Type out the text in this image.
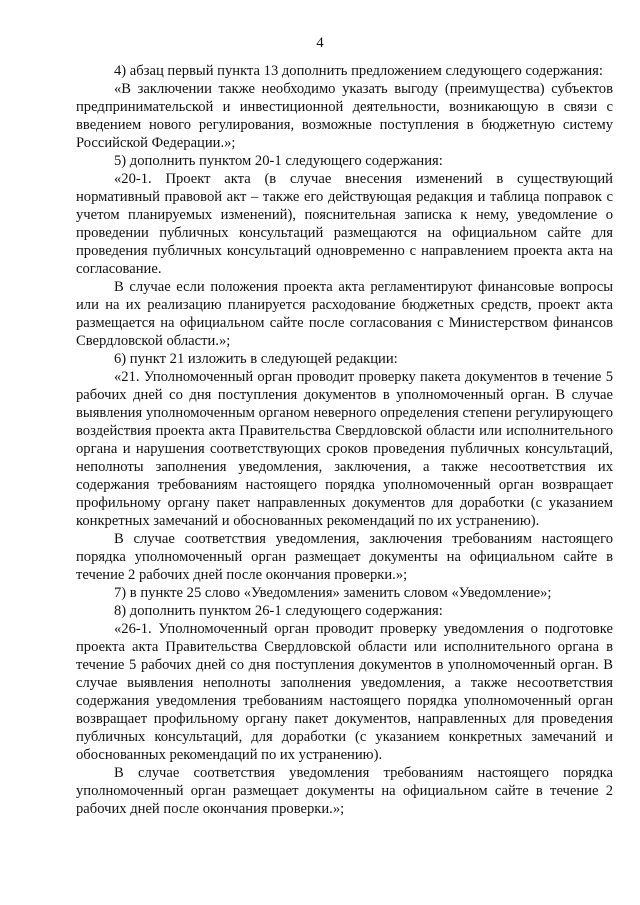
4

4) абзац первый пункта 13 дополнить предложением следующего содержания:

«В заключении также необходимо указать выгоду (преимущества) субъектов предпринимательской и инвестиционной деятельности, возникающую в связи с введением нового регулирования, возможные поступления в бюджетную систему Российской Федерации.»;

5) дополнить пунктом 20-1 следующего содержания:

«20-1. Проект акта (в случае внесения изменений в существующий нормативный правовой акт – также его действующая редакция и таблица поправок с учетом планируемых изменений), пояснительная записка к нему, уведомление о проведении публичных консультаций размещаются на официальном сайте для проведения публичных консультаций одновременно с направлением проекта акта на согласование.

В случае если положения проекта акта регламентируют финансовые вопросы или на их реализацию планируется расходование бюджетных средств, проект акта размещается на официальном сайте после согласования с Министерством финансов Свердловской области.»;

6) пункт 21 изложить в следующей редакции:

«21. Уполномоченный орган проводит проверку пакета документов в течение 5 рабочих дней со дня поступления документов в уполномоченный орган. В случае выявления уполномоченным органом неверного определения степени регулирующего воздействия проекта акта Правительства Свердловской области или исполнительного органа и нарушения соответствующих сроков проведения публичных консультаций, неполноты заполнения уведомления, заключения, а также несоответствия их содержания требованиям настоящего порядка уполномоченный орган возвращает профильному органу пакет направленных документов для доработки (с указанием конкретных замечаний и обоснованных рекомендаций по их устранению).

В случае соответствия уведомления, заключения требованиям настоящего порядка уполномоченный орган размещает документы на официальном сайте в течение 2 рабочих дней после окончания проверки.»;

7) в пункте 25 слово «Уведомления» заменить словом «Уведомление»;

8) дополнить пунктом 26-1 следующего содержания:

«26-1. Уполномоченный орган проводит проверку уведомления о подготовке проекта акта Правительства Свердловской области или исполнительного органа в течение 5 рабочих дней со дня поступления документов в уполномоченный орган. В случае выявления неполноты заполнения уведомления, а также несоответствия содержания уведомления требованиям настоящего порядка уполномоченный орган возвращает профильному органу пакет документов, направленных для проведения публичных консультаций, для доработки (с указанием конкретных замечаний и обоснованных рекомендаций по их устранению).

В случае соответствия уведомления требованиям настоящего порядка уполномоченный орган размещает документы на официальном сайте в течение 2 рабочих дней после окончания проверки.»;
